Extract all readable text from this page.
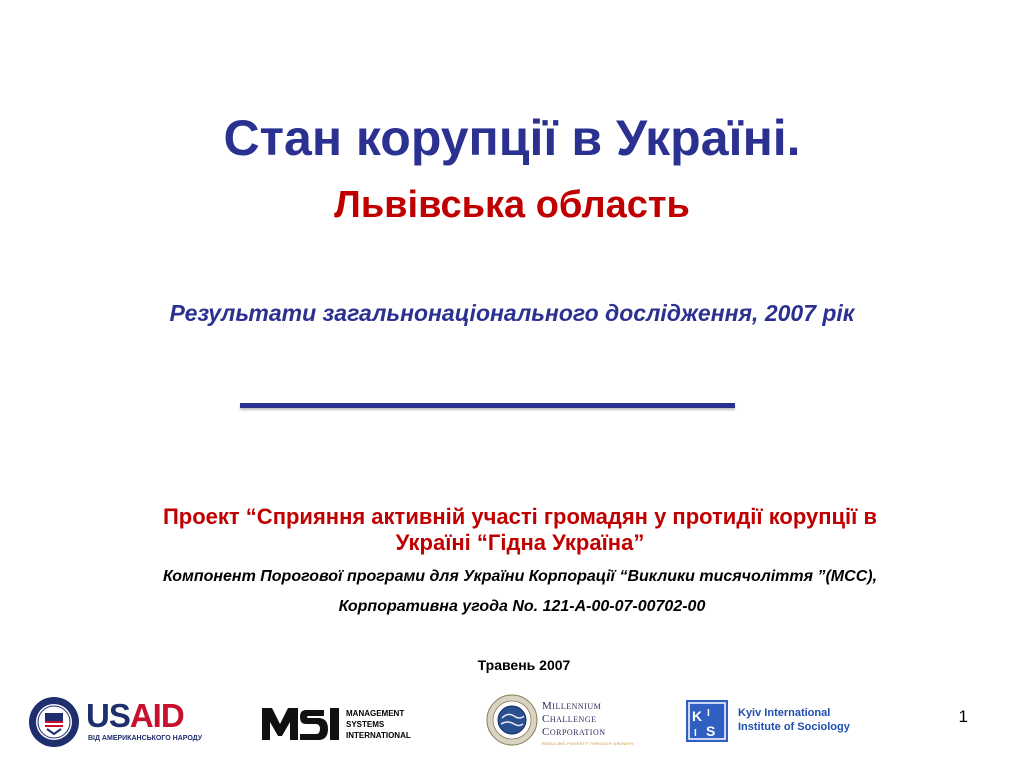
Стан корупції в Україні.
Львівська область
Результати загальнонаціонального дослідження, 2007 рік
Проект “Сприяння активній участі громадян у протидії корупції в
Україні “Гідна Україна”
Компонент Порогової програми для України Корпорації “Виклики тисячоліття ”(MCC),
Корпоративна угода No. 121-A-00-07-00702-00
Травень 2007
1
USAID
ВІД АМЕРИКАНСЬКОГО НАРОДУ
MANAGEMENT
SYSTEMS
INTERNATIONAL
Millennium
Challenge
Corporation
REDUCING POVERTY THROUGH GROWTH
K I
I S
Kyiv International
Institute of Sociology
